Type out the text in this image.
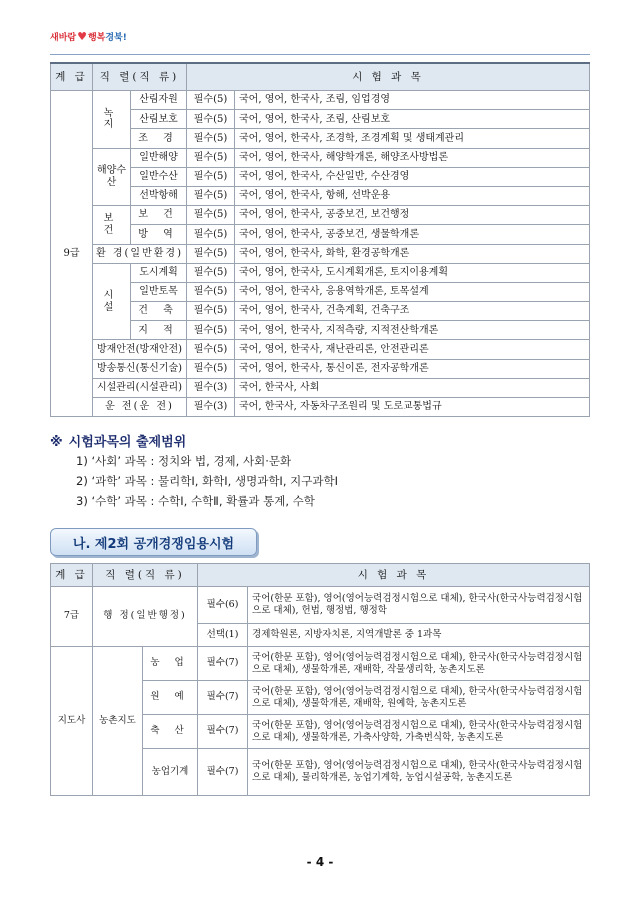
새바람 ♥ 행복 경북!
계 급	직 렬(직 류)		시 험 과 목	
9급	녹 지	산림자원	필수(5)	국어, 영어, 한국사, 조림, 임업경영
		산림보호	필수(5)	국어, 영어, 한국사, 조림, 산림보호
		조 경	필수(5)	국어, 영어, 한국사, 조경학, 조경계획 및 생태계관리
	해양수산	일반해양	필수(5)	국어, 영어, 한국사, 해양학개론, 해양조사방법론
		일반수산	필수(5)	국어, 영어, 한국사, 수산일반, 수산경영
		선박항해	필수(5)	국어, 영어, 한국사, 항해, 선박운용
	보 건	보 건	필수(5)	국어, 영어, 한국사, 공중보건, 보건행정
		방 역	필수(5)	국어, 영어, 한국사, 공중보건, 생물학개론
	환 경(일반환경)		필수(5)	국어, 영어, 한국사, 화학, 환경공학개론
	시 설	도시계획	필수(5)	국어, 영어, 한국사, 도시계획개론, 토지이용계획
		일반토목	필수(5)	국어, 영어, 한국사, 응용역학개론, 토목설계
		건 축	필수(5)	국어, 영어, 한국사, 건축계획, 건축구조
		지 적	필수(5)	국어, 영어, 한국사, 지적측량, 지적전산학개론
	방재안전(방재안전)		필수(5)	국어, 영어, 한국사, 재난관리론, 안전관리론
	방송통신(통신기술)		필수(5)	국어, 영어, 한국사, 통신이론, 전자공학개론
	시설관리(시설관리)		필수(3)	국어, 한국사, 사회
	운 전(운 전)		필수(3)	국어, 한국사, 자동차구조원리 및 도로교통법규
※ 시험과목의 출제범위
1) ‘사회’ 과목 : 정치와 법, 경제, 사회·문화
2) ‘과학’ 과목 : 물리학Ⅰ, 화학Ⅰ, 생명과학Ⅰ, 지구과학Ⅰ
3) ‘수학’ 과목 : 수학Ⅰ, 수학Ⅱ, 확률과 통계, 수학
나. 제2회 공개경쟁임용시험
계 급	직 렬(직 류)		시 험 과 목	
7급	행 정(일반행정)		필수(6)	국어(한문 포함), 영어(영어능력검정시험으로 대체), 한국사(한국사능력검정시험으로 대체), 헌법, 행정법, 행정학
			선택(1)	경제학원론, 지방자치론, 지역개발론 중 1과목
지도사	농촌지도	농 업	필수(7)	국어(한문 포함), 영어(영어능력검정시험으로 대체), 한국사(한국사능력검정시험으로 대체), 생물학개론, 재배학, 작물생리학, 농촌지도론
		원 예	필수(7)	국어(한문 포함), 영어(영어능력검정시험으로 대체), 한국사(한국사능력검정시험으로 대체), 생물학개론, 재배학, 원예학, 농촌지도론
		축 산	필수(7)	국어(한문 포함), 영어(영어능력검정시험으로 대체), 한국사(한국사능력검정시험으로 대체), 생물학개론, 가축사양학, 가축번식학, 농촌지도론
		농업기계	필수(7)	국어(한문 포함), 영어(영어능력검정시험으로 대체), 한국사(한국사능력검정시험으로 대체), 물리학개론, 농업기계학, 농업시설공학, 농촌지도론
- 4 -
